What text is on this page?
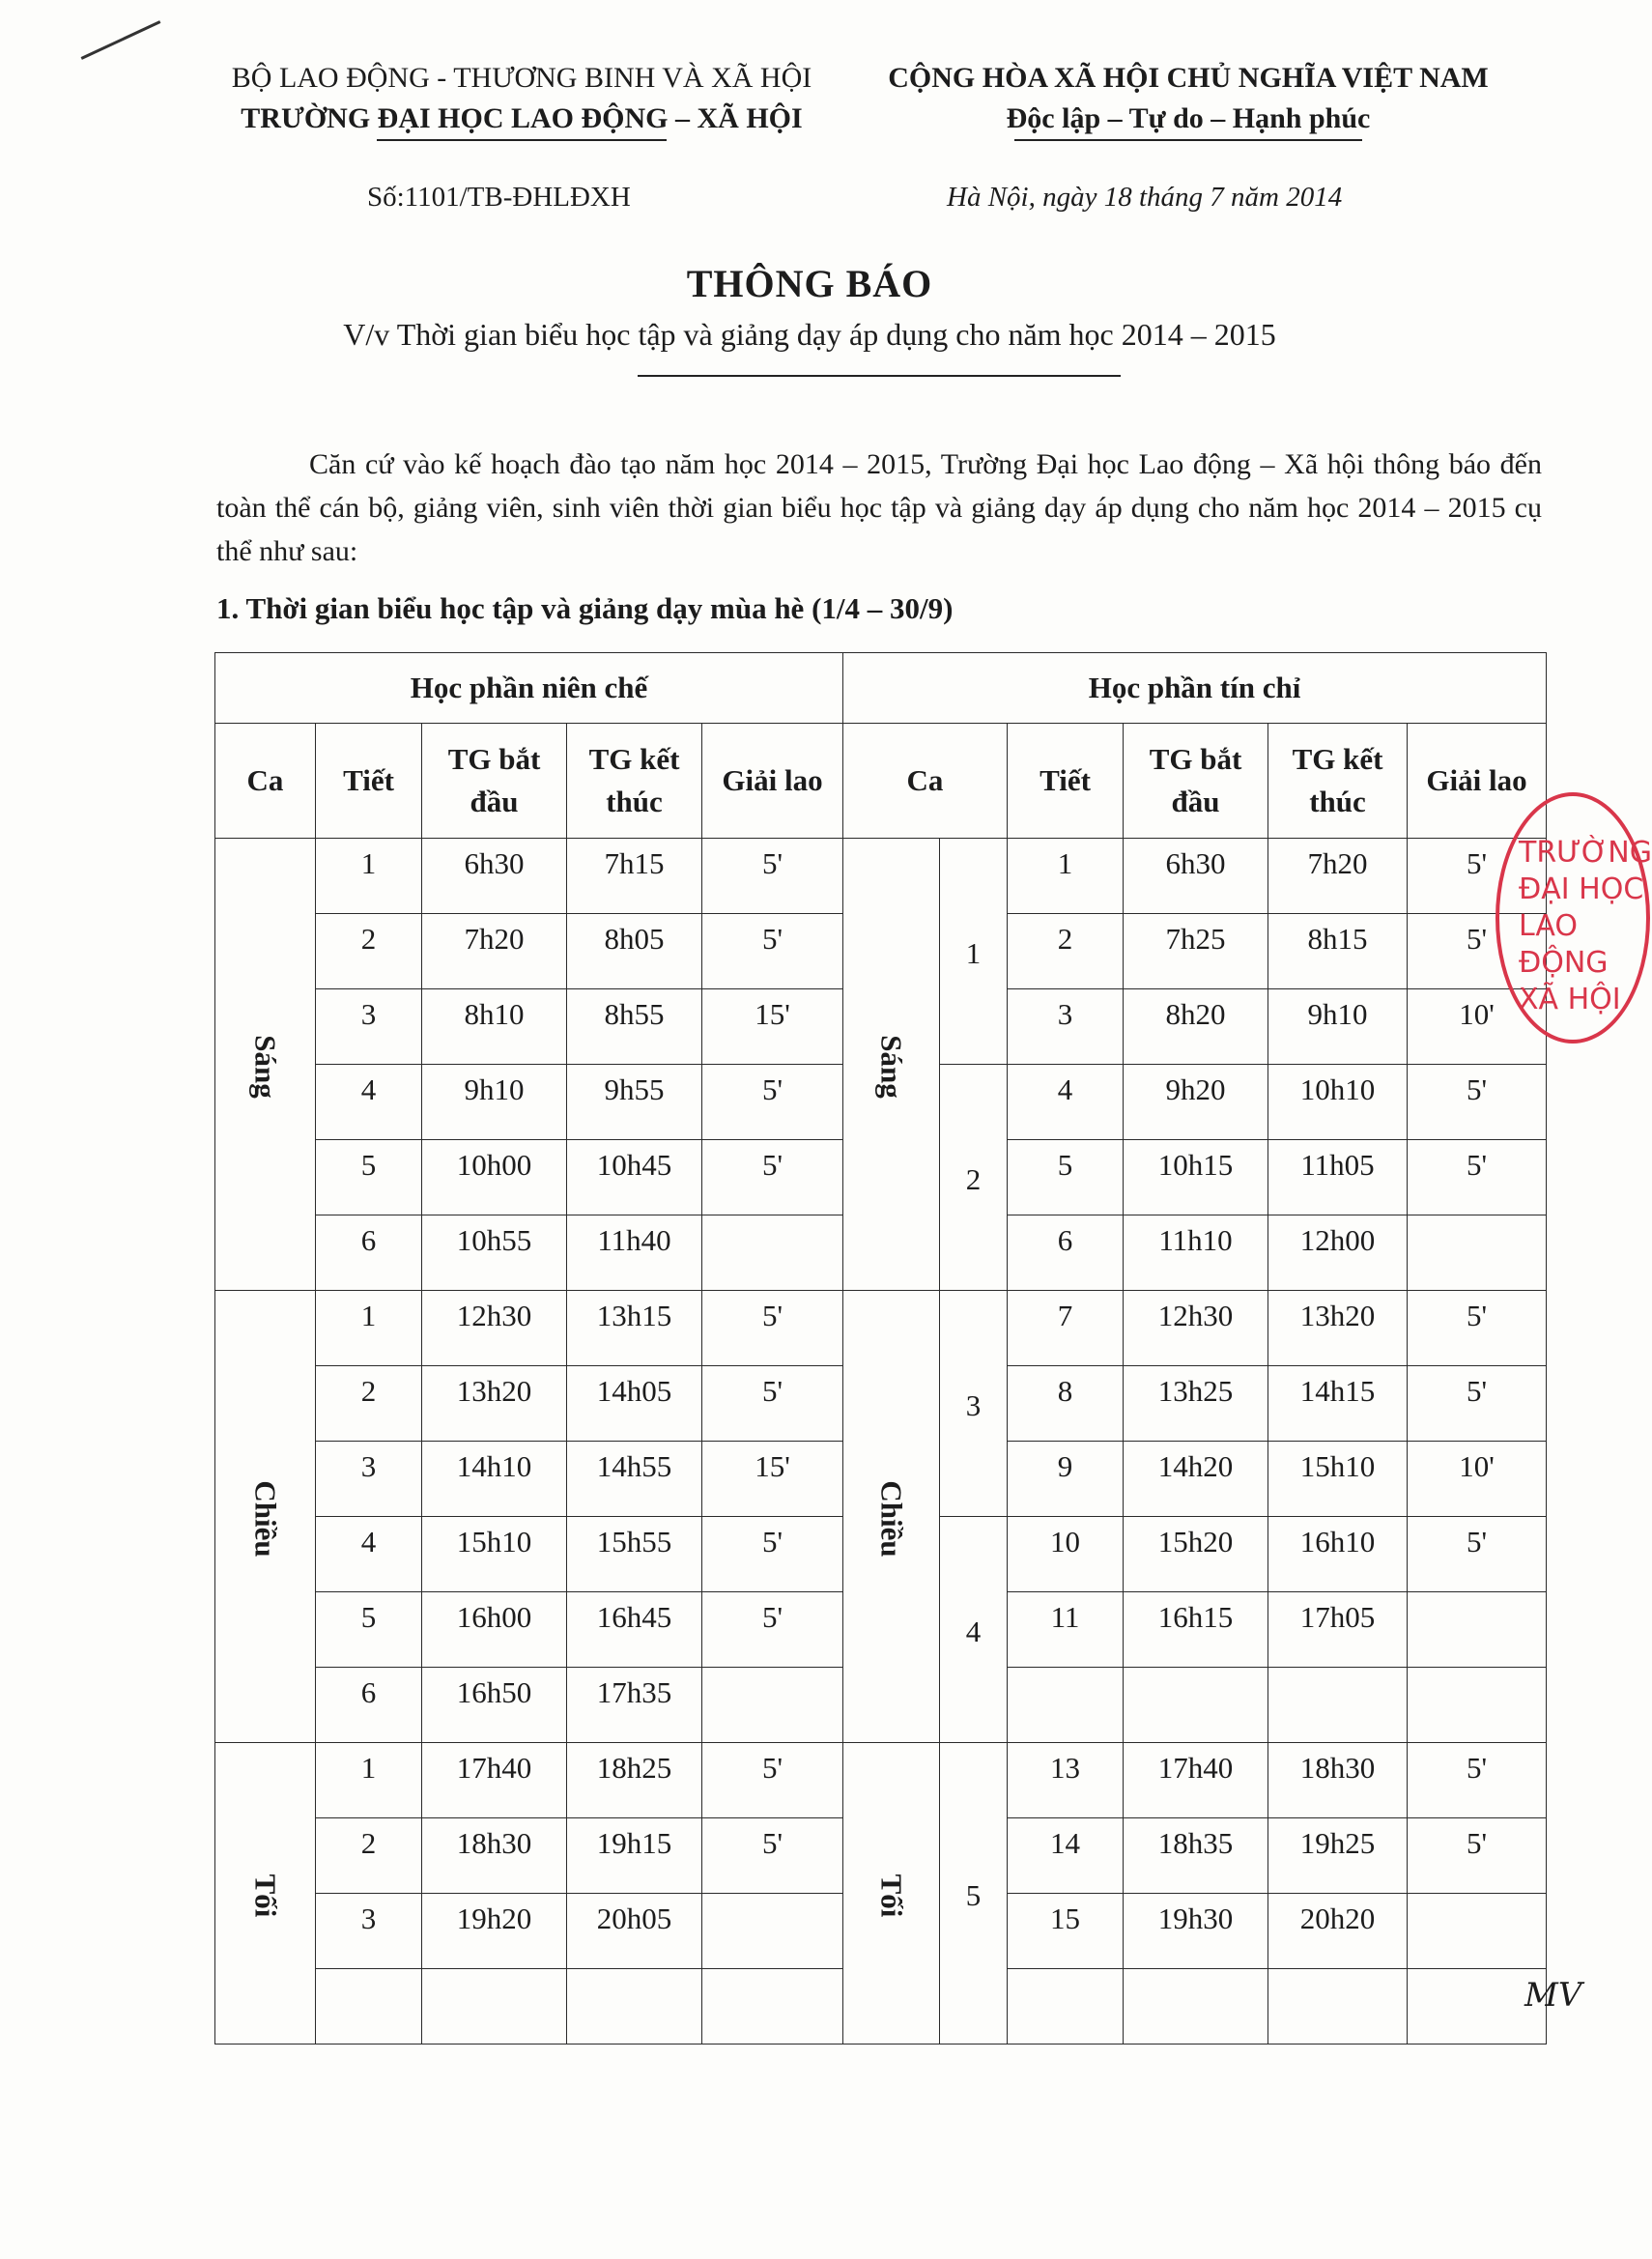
BỘ LAO ĐỘNG - THƯƠNG BINH VÀ XÃ HỘI
TRƯỜNG ĐẠI HỌC LAO ĐỘNG – XÃ HỘI
CỘNG HÒA XÃ HỘI CHỦ NGHĨA VIỆT NAM
Độc lập – Tự do – Hạnh phúc
Số:1101/TB-ĐHLĐXH	Hà Nội, ngày 18 tháng 7 năm 2014
THÔNG BÁO
V/v Thời gian biểu học tập và giảng dạy áp dụng cho năm học 2014 – 2015

Căn cứ vào kế hoạch đào tạo năm học 2014 – 2015, Trường Đại học Lao động – Xã hội thông báo đến toàn thể cán bộ, giảng viên, sinh viên thời gian biểu học tập và giảng dạy áp dụng cho năm học 2014 – 2015 cụ thể như sau:

1. Thời gian biểu học tập và giảng dạy mùa hè (1/4 – 30/9)
Học phần niên chế				
Ca	Tiết	TG bắt đầu	TG kết thúc	Giải lao
Sáng	1	6h30	7h15	5'
	2	7h20	8h05	5'
	3	8h10	8h55	15'
	4	9h10	9h55	5'
	5	10h00	10h45	5'
	6	10h55	11h40	
Chiều	1	12h30	13h15	5'
	2	13h20	14h05	5'
	3	14h10	14h55	15'
	4	15h10	15h55	5'
	5	16h00	16h45	5'
	6	16h50	17h35	
Tối	1	17h40	18h25	5'
	2	18h30	19h15	5'
	3	19h20	20h05	

Học phần tín chỉ					
Ca		Tiết	TG bắt đầu	TG kết thúc	Giải lao
Sáng	1	1	6h30	7h20	5'
		2	7h25	8h15	5'
		3	8h20	9h10	10'
	2	4	9h20	10h10	5'
		5	10h15	11h05	5'
		6	11h10	12h00	
Chiều	3	7	12h30	13h20	5'
		8	13h25	14h15	5'
		9	14h20	15h10	10'
	4	10	15h20	16h10	5'
		11	16h15	17h05	

Tối	5	13	17h40	18h30	5'
		14	18h35	19h25	5'
		15	19h30	20h20	

TRƯỜNG ĐẠI HỌC LAO ĐỘNG XÃ HỘI
MV
